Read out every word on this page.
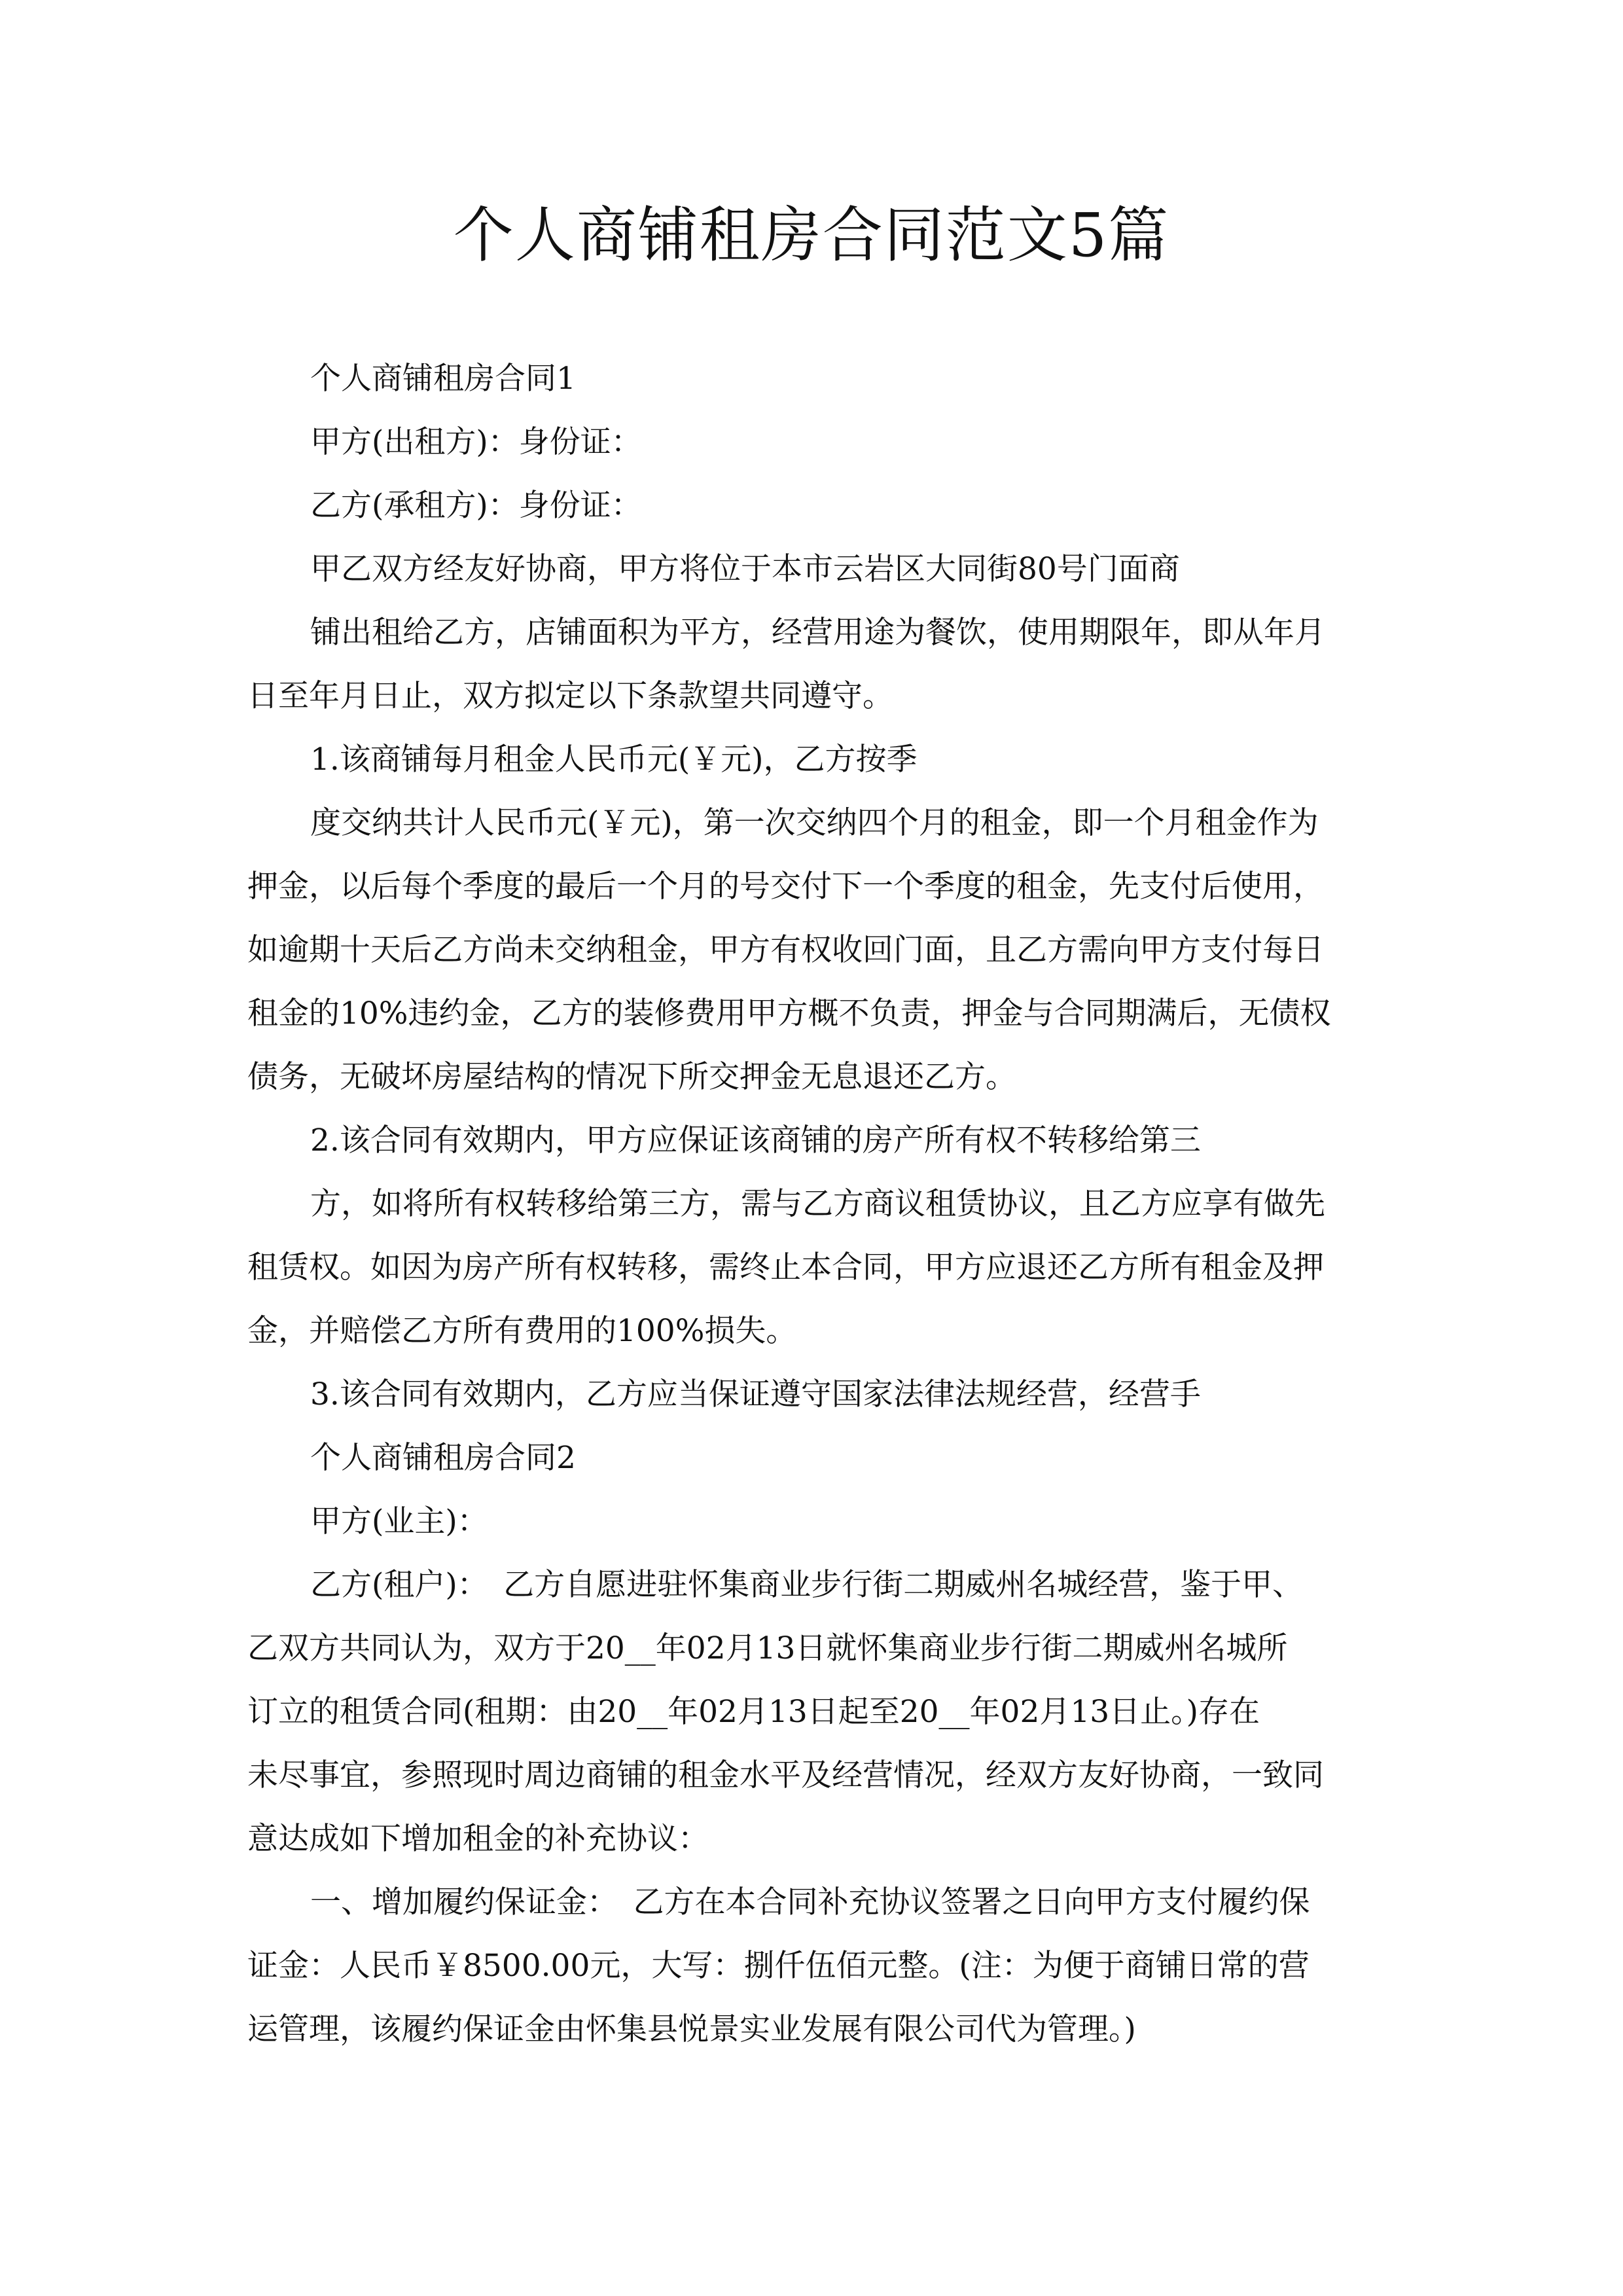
个人商铺租房合同范文5篇

个人商铺租房合同1

甲方(出租方)：身份证：

乙方(承租方)：身份证：

甲乙双方经友好协商，甲方将位于本市云岩区大同街80号门面商

铺出租给乙方，店铺面积为平方，经营用途为餐饮，使用期限年，即从年月

日至年月日止，双方拟定以下条款望共同遵守。

1.该商铺每月租金人民币元(￥元)，乙方按季

度交纳共计人民币元(￥元)，第一次交纳四个月的租金，即一个月租金作为

押金，以后每个季度的最后一个月的号交付下一个季度的租金，先支付后使用，

如逾期十天后乙方尚未交纳租金，甲方有权收回门面，且乙方需向甲方支付每日

租金的10%违约金，乙方的装修费用甲方概不负责，押金与合同期满后，无债权

债务，无破坏房屋结构的情况下所交押金无息退还乙方。

2.该合同有效期内，甲方应保证该商铺的房产所有权不转移给第三

方，如将所有权转移给第三方，需与乙方商议租赁协议，且乙方应享有做先

租赁权。如因为房产所有权转移，需终止本合同，甲方应退还乙方所有租金及押

金，并赔偿乙方所有费用的100%损失。

3.该合同有效期内，乙方应当保证遵守国家法律法规经营，经营手

个人商铺租房合同2

甲方(业主)：

乙方(租户)：　乙方自愿进驻怀集商业步行街二期威州名城经营，鉴于甲、

乙双方共同认为，双方于20__年02月13日就怀集商业步行街二期威州名城所

订立的租赁合同(租期：由20__年02月13日起至20__年02月13日止。)存在

未尽事宜，参照现时周边商铺的租金水平及经营情况，经双方友好协商，一致同

意达成如下增加租金的补充协议：

一、增加履约保证金：　乙方在本合同补充协议签署之日向甲方支付履约保

证金：人民币￥8500.00元，大写：捌仟伍佰元整。(注：为便于商铺日常的营

运管理，该履约保证金由怀集县悦景实业发展有限公司代为管理。)
